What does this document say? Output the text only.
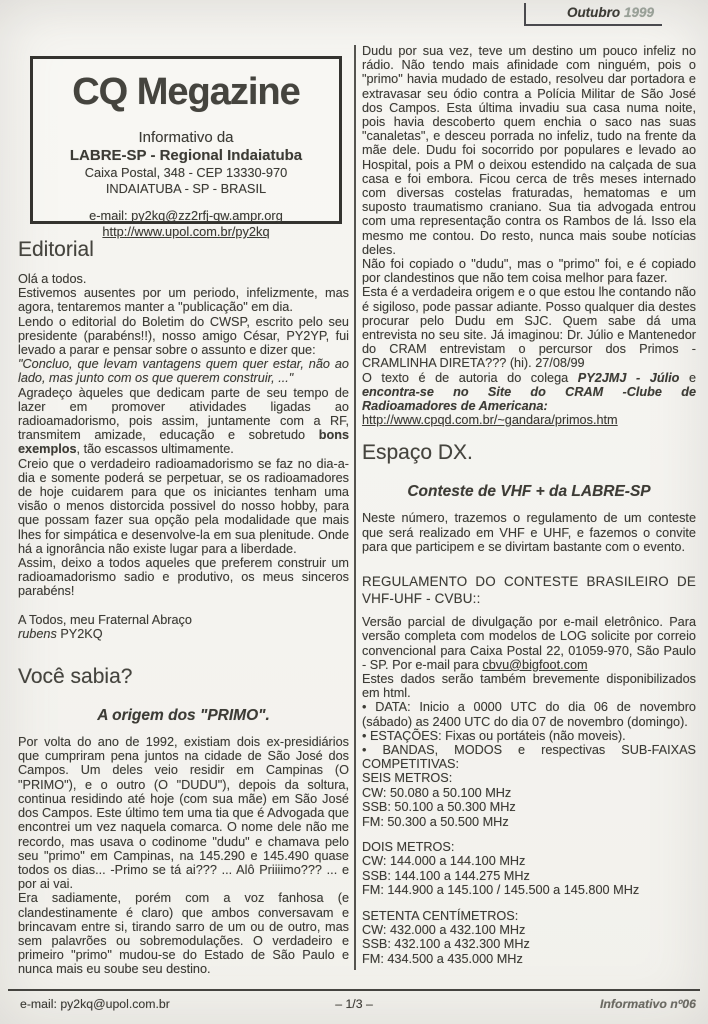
Outubro 1999
CQ Megazine
Informativo da
LABRE-SP - Regional Indaiatuba
Caixa Postal, 348 - CEP 13330-970
INDAIATUBA - SP - BRASIL
e-mail: py2kq@zz2rfj-qw.ampr.org
http://www.upol.com.br/py2kq
Editorial

Olá a todos.

Estivemos ausentes por um periodo, infelizmente, mas agora, tentaremos manter a "publicação" em dia.

Lendo o editorial do Boletim do CWSP, escrito pelo seu presidente (parabéns!!), nosso amigo César, PY2YP, fui levado a parar e pensar sobre o assunto e dizer que:

"Concluo, que levam vantagens quem quer estar, não ao lado, mas junto com os que querem construir, ..."

Agradeço àqueles que dedicam parte de seu tempo de lazer em promover atividades ligadas ao radioamadorismo, pois assim, juntamente com a RF, transmitem amizade, educação e sobretudo bons exemplos, tão escassos ultimamente.

Creio que o verdadeiro radioamadorismo se faz no dia-a-dia e somente poderá se perpetuar, se os radioamadores de hoje cuidarem para que os iniciantes tenham uma visão o menos distorcida possivel do nosso hobby, para que possam fazer sua opção pela modalidade que mais lhes for simpática e desenvolve-la em sua plenitude. Onde há a ignorância não existe lugar para a liberdade.

Assim, deixo a todos aqueles que preferem construir um radioamadorismo sadio e produtivo, os meus sinceros parabéns!

A Todos, meu Fraternal Abraço

rubens PY2KQ

Você sabia?
A origem dos "PRIMO".

Por volta do ano de 1992, existiam dois ex-presidiários que cumpriram pena juntos na cidade de São José dos Campos. Um deles veio residir em Campinas (O "PRIMO"), e o outro (O "DUDU"), depois da soltura, continua residindo até hoje (com sua mãe) em São José dos Campos. Este último tem uma tia que é Advogada que encontrei um vez naquela comarca. O nome dele não me recordo, mas usava o codinome "dudu" e chamava pelo seu "primo" em Campinas, na 145.290 e 145.490 quase todos os dias... -Primo se tá ai??? ... Alô Priiiimo??? ... e por ai vai.

Era sadiamente, porém com a voz fanhosa (e clandestinamente é claro) que ambos conversavam e brincavam entre si, tirando sarro de um ou de outro, mas sem palavrões ou sobremodulações. O verdadeiro e primeiro "primo" mudou-se do Estado de São Paulo e nunca mais eu soube seu destino.

Dudu por sua vez, teve um destino um pouco infeliz no rádio. Não tendo mais afinidade com ninguém, pois o "primo" havia mudado de estado, resolveu dar portadora e extravasar seu ódio contra a Polícia Militar de São José dos Campos. Esta última invadiu sua casa numa noite, pois havia descoberto quem enchia o saco nas suas "canaletas", e desceu porrada no infeliz, tudo na frente da mãe dele. Dudu foi socorrido por populares e levado ao Hospital, pois a PM o deixou estendido na calçada de sua casa e foi embora. Ficou cerca de três meses internado com diversas costelas fraturadas, hematomas e um suposto traumatismo craniano. Sua tia advogada entrou com uma representação contra os Rambos de lá. Isso ela mesmo me contou. Do resto, nunca mais soube notícias deles.

Não foi copiado o "dudu", mas o "primo" foi, e é copiado por clandestinos que não tem coisa melhor para fazer.

Esta é a verdadeira origem e o que estou lhe contando não é sigiloso, pode passar adiante. Posso qualquer dia destes procurar pelo Dudu em SJC. Quem sabe dá uma entrevista no seu site. Já imaginou: Dr. Júlio e Mantenedor do CRAM entrevistam o percursor dos Primos - CRAMLINHA DIRETA??? (hi). 27/08/99

O texto é de autoria do colega PY2JMJ - Júlio e encontra-se no Site do CRAM -Clube de Radioamadores de Americana:

http://www.cpqd.com.br/~gandara/primos.htm
Espaço DX.
Conteste de VHF + da LABRE-SP

Neste número, trazemos o regulamento de um conteste que será realizado em VHF e UHF, e fazemos o convite para que participem e se divirtam bastante com o evento.

REGULAMENTO DO CONTESTE BRASILEIRO DE VHF-UHF - CVBU::

Versão parcial de divulgação por e-mail eletrônico. Para versão completa com modelos de LOG solicite por correio convencional para Caixa Postal 22, 01059-970, São Paulo - SP. Por e-mail para cbvu@bigfoot.com

Estes dados serão também brevemente disponibilizados em html.

• DATA: Inicio a 0000 UTC do dia 06 de novembro (sábado) as 2400 UTC do dia 07 de novembro (domingo).

• ESTAÇÕES: Fixas ou portáteis (não moveis).

• BANDAS, MODOS e respectivas SUB-FAIXAS COMPETITIVAS:

SEIS METROS:
CW: 50.080 a 50.100 MHz
SSB: 50.100 a 50.300 MHz
FM: 50.300 a 50.500 MHz
DOIS METROS:
CW: 144.000 a 144.100 MHz
SSB: 144.100 a 144.275 MHz
FM: 144.900 a 145.100 / 145.500 a 145.800 MHz
SETENTA CENTÍMETROS:
CW: 432.000 a 432.100 MHz
SSB: 432.100 a 432.300 MHz
FM: 434.500 a 435.000 MHz
e-mail: py2kq@upol.com.br	– 1/3 –	Informativo nº06
